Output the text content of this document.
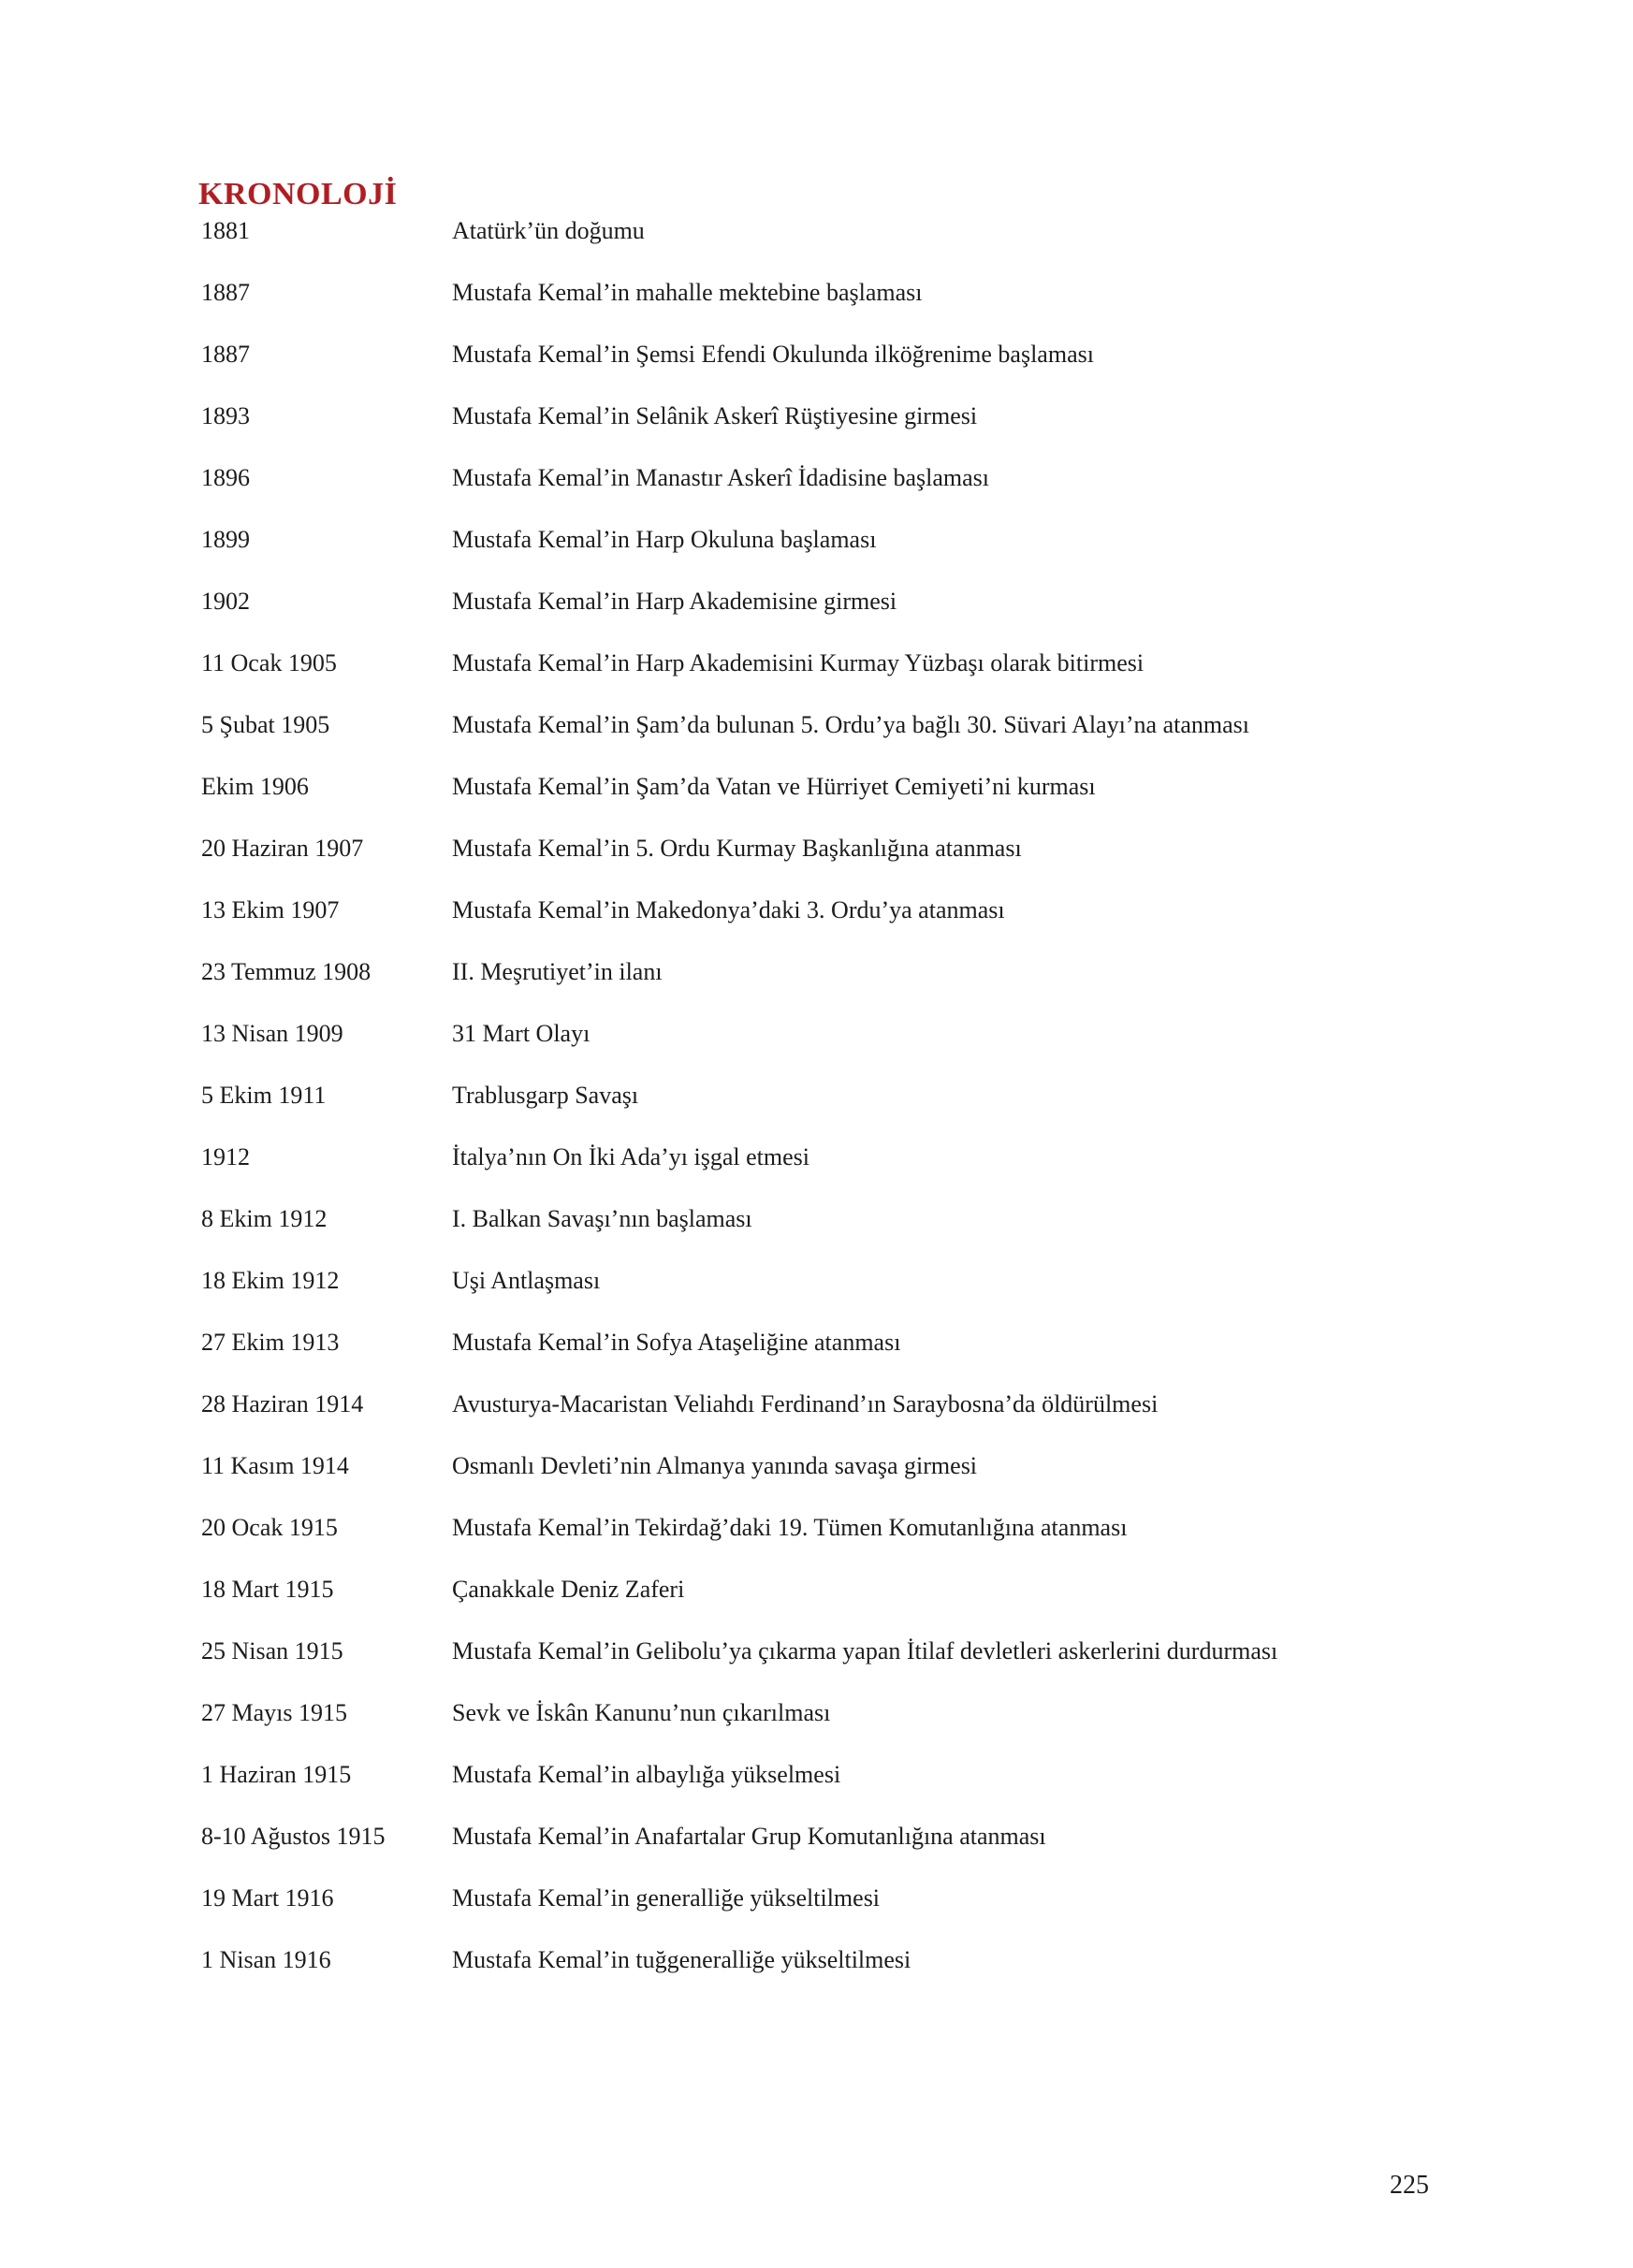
KRONOLOJİ
1881	Atatürk’ün doğumu
1887	Mustafa Kemal’in mahalle mektebine başlaması
1887	Mustafa Kemal’in Şemsi Efendi Okulunda ilköğrenime başlaması
1893	Mustafa Kemal’in Selânik Askerî Rüştiyesine girmesi
1896	Mustafa Kemal’in Manastır Askerî İdadisine başlaması
1899	Mustafa Kemal’in Harp Okuluna başlaması
1902	Mustafa Kemal’in Harp Akademisine girmesi
11 Ocak 1905	Mustafa Kemal’in Harp Akademisini Kurmay Yüzbaşı olarak bitirmesi
5 Şubat 1905	Mustafa Kemal’in Şam’da bulunan 5. Ordu’ya bağlı 30. Süvari Alayı’na atanması
Ekim 1906	Mustafa Kemal’in Şam’da Vatan ve Hürriyet Cemiyeti’ni kurması
20 Haziran 1907	Mustafa Kemal’in 5. Ordu Kurmay Başkanlığına atanması
13 Ekim 1907	Mustafa Kemal’in Makedonya’daki 3. Ordu’ya atanması
23 Temmuz 1908	II. Meşrutiyet’in ilanı
13 Nisan 1909	31 Mart Olayı
5 Ekim 1911	Trablusgarp Savaşı
1912	İtalya’nın On İki Ada’yı işgal etmesi
8 Ekim 1912	I. Balkan Savaşı’nın başlaması
18 Ekim 1912	Uşi Antlaşması
27 Ekim 1913	Mustafa Kemal’in Sofya Ataşeliğine atanması
28 Haziran 1914	Avusturya-Macaristan Veliahdı Ferdinand’ın Saraybosna’da öldürülmesi
11 Kasım 1914	Osmanlı Devleti’nin Almanya yanında savaşa girmesi
20 Ocak 1915	Mustafa Kemal’in Tekirdağ’daki 19. Tümen Komutanlığına atanması
18 Mart 1915	Çanakkale Deniz Zaferi
25 Nisan 1915	Mustafa Kemal’in Gelibolu’ya çıkarma yapan İtilaf devletleri askerlerini durdurması
27 Mayıs 1915	Sevk ve İskân Kanunu’nun çıkarılması
1 Haziran 1915	Mustafa Kemal’in albaylığa yükselmesi
8-10 Ağustos 1915	Mustafa Kemal’in Anafartalar Grup Komutanlığına atanması
19 Mart 1916	Mustafa Kemal’in generalliğe yükseltilmesi
1 Nisan 1916	Mustafa Kemal’in tuğgeneralliğe yükseltilmesi
225
